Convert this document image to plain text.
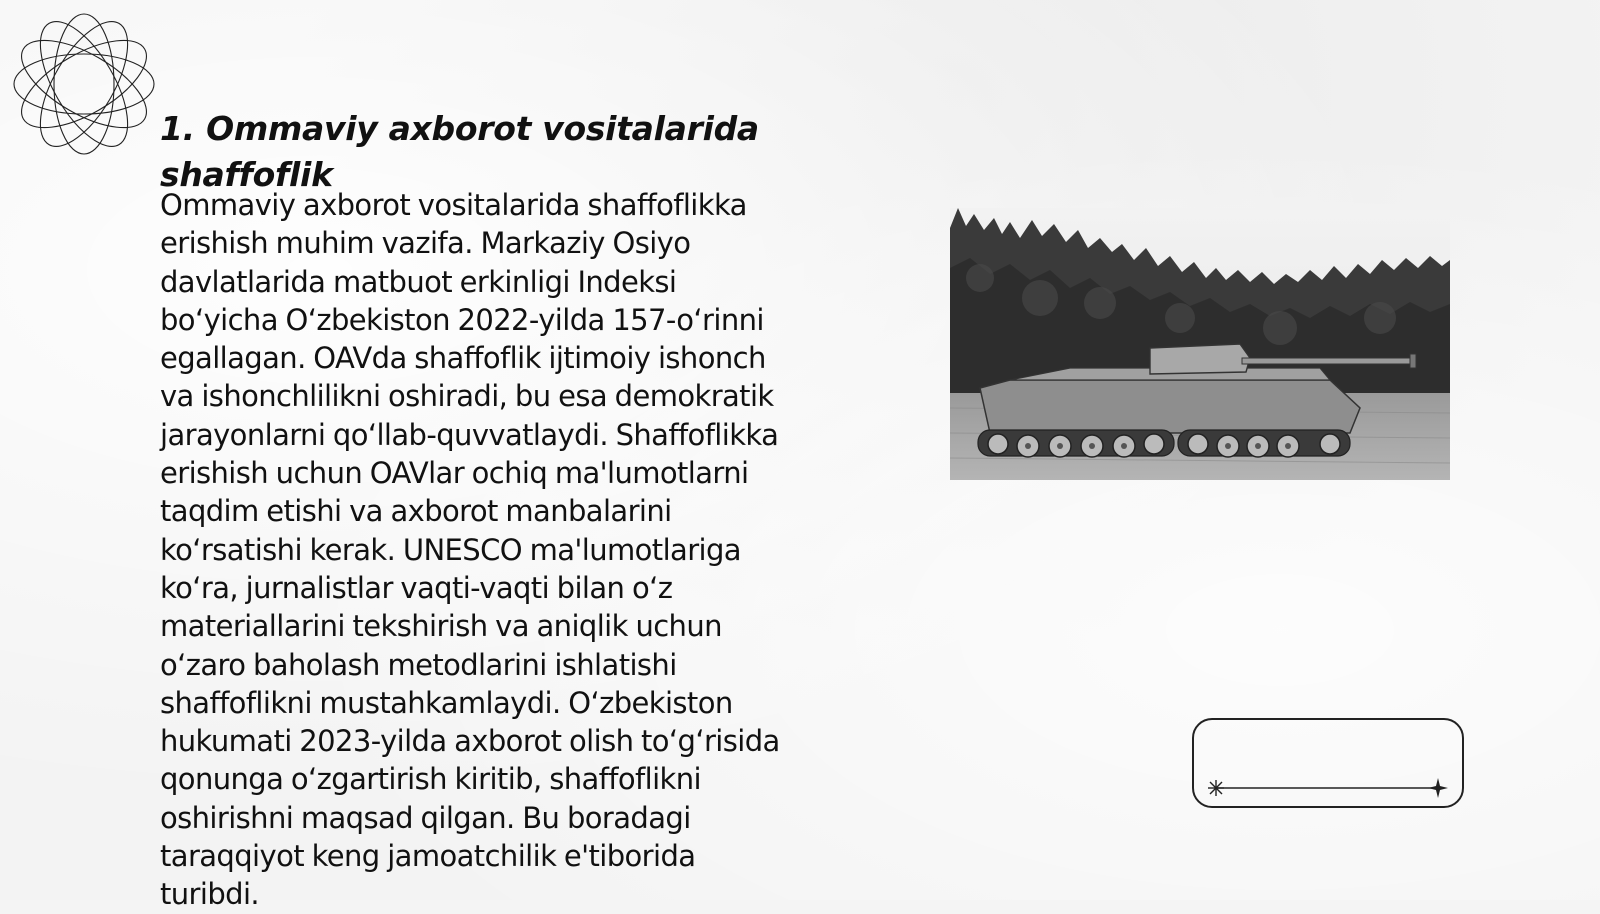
1. Ommaviy axborot vositalarida shaffoflik

Ommaviy axborot vositalarida shaffoflikka
erishish muhim vazifa. Markaziy Osiyo
davlatlarida matbuot erkinligi Indeksi
bo‘yicha O‘zbekiston 2022-yilda 157-o‘rinni
egallagan. OAVda shaffoflik ijtimoiy ishonch
va ishonchlilikni oshiradi, bu esa demokratik
jarayonlarni qo‘llab-quvvatlaydi. Shaffoflikka
erishish uchun OAVlar ochiq ma'lumotlarni
taqdim etishi va axborot manbalarini
ko‘rsatishi kerak. UNESCO ma'lumotlariga
ko‘ra, jurnalistlar vaqti-vaqti bilan o‘z
materiallarini tekshirish va aniqlik uchun
o‘zaro baholash metodlarini ishlatishi
shaffoflikni mustahkamlaydi. O‘zbekiston
hukumati 2023-yilda axborot olish to‘g‘risida
qonunga o‘zgartirish kiritib, shaffoflikni
oshirishni maqsad qilgan. Bu boradagi
taraqqiyot keng jamoatchilik e'tiborida
turibdi.
